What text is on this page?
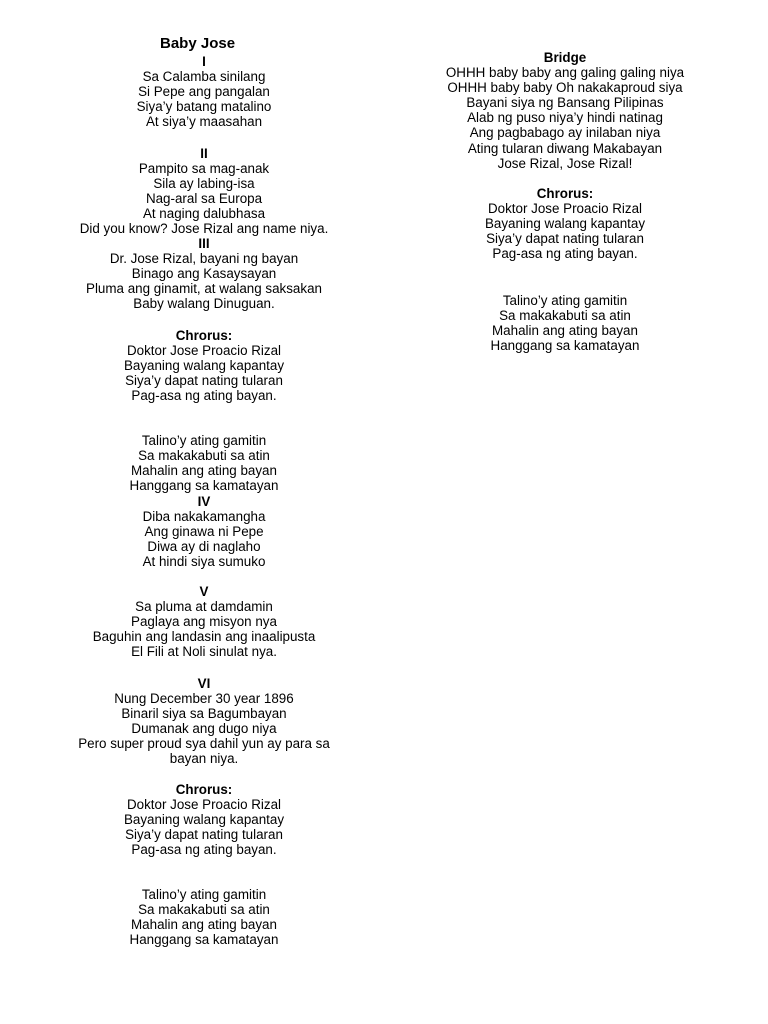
Baby Jose
I
Sa Calamba sinilang
Si Pepe ang pangalan
Siya’y batang matalino
At siya’y maasahan
II
Pampito sa mag-anak
Sila ay labing-isa
Nag-aral sa Europa
At naging dalubhasa
Did you know? Jose Rizal ang name niya.
III
Dr. Jose Rizal, bayani ng bayan
Binago ang Kasaysayan
Pluma ang ginamit, at walang saksakan
Baby walang Dinuguan.
Chrorus:
Doktor Jose Proacio Rizal
Bayaning walang kapantay
Siya’y dapat nating tularan
Pag-asa ng ating bayan.
Talino’y ating gamitin
Sa makakabuti sa atin
Mahalin ang ating bayan
Hanggang sa kamatayan
IV
Diba nakakamangha
Ang ginawa ni Pepe
Diwa ay di naglaho
At hindi siya sumuko
V
Sa pluma at damdamin
Paglaya ang misyon nya
Baguhin ang landasin ang inaalipusta
El Fili at Noli sinulat nya.
VI
Nung December 30 year 1896
Binaril siya sa Bagumbayan
Dumanak ang dugo niya
Pero super proud sya dahil yun ay para sa
bayan niya.
Chrorus:
Doktor Jose Proacio Rizal
Bayaning walang kapantay
Siya’y dapat nating tularan
Pag-asa ng ating bayan.
Talino’y ating gamitin
Sa makakabuti sa atin
Mahalin ang ating bayan
Hanggang sa kamatayan
Bridge
OHHH baby baby ang galing galing niya
OHHH baby baby Oh nakakaproud siya
Bayani siya ng Bansang Pilipinas
Alab ng puso niya’y hindi natinag
Ang pagbabago ay inilaban niya
Ating tularan diwang Makabayan
Jose Rizal, Jose Rizal!
Chrorus:
Doktor Jose Proacio Rizal
Bayaning walang kapantay
Siya’y dapat nating tularan
Pag-asa ng ating bayan.
Talino’y ating gamitin
Sa makakabuti sa atin
Mahalin ang ating bayan
Hanggang sa kamatayan
